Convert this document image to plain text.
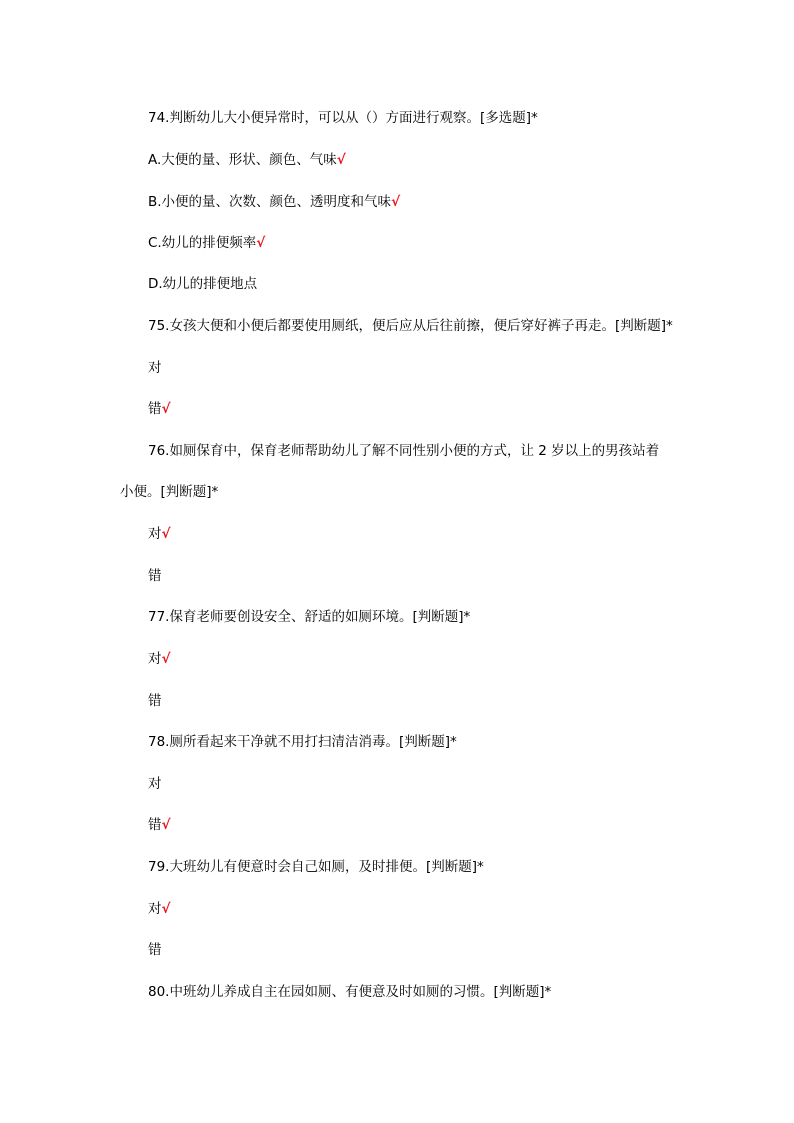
74.判断幼儿大小便异常时，可以从（）方面进行观察。[多选题]*
A.大便的量、形状、颜色、气味√
B.小便的量、次数、颜色、透明度和气味√
C.幼儿的排便频率√
D.幼儿的排便地点
75.女孩大便和小便后都要使用厕纸，便后应从后往前擦，便后穿好裤子再走。[判断题]*
对
错√
76.如厕保育中，保育老师帮助幼儿了解不同性别小便的方式，让 2 岁以上的男孩站着
小便。[判断题]*
对√
错
77.保育老师要创设安全、舒适的如厕环境。[判断题]*
对√
错
78.厕所看起来干净就不用打扫清洁消毒。[判断题]*
对
错√
79.大班幼儿有便意时会自己如厕，及时排便。[判断题]*
对√
错
80.中班幼儿养成自主在园如厕、有便意及时如厕的习惯。[判断题]*
